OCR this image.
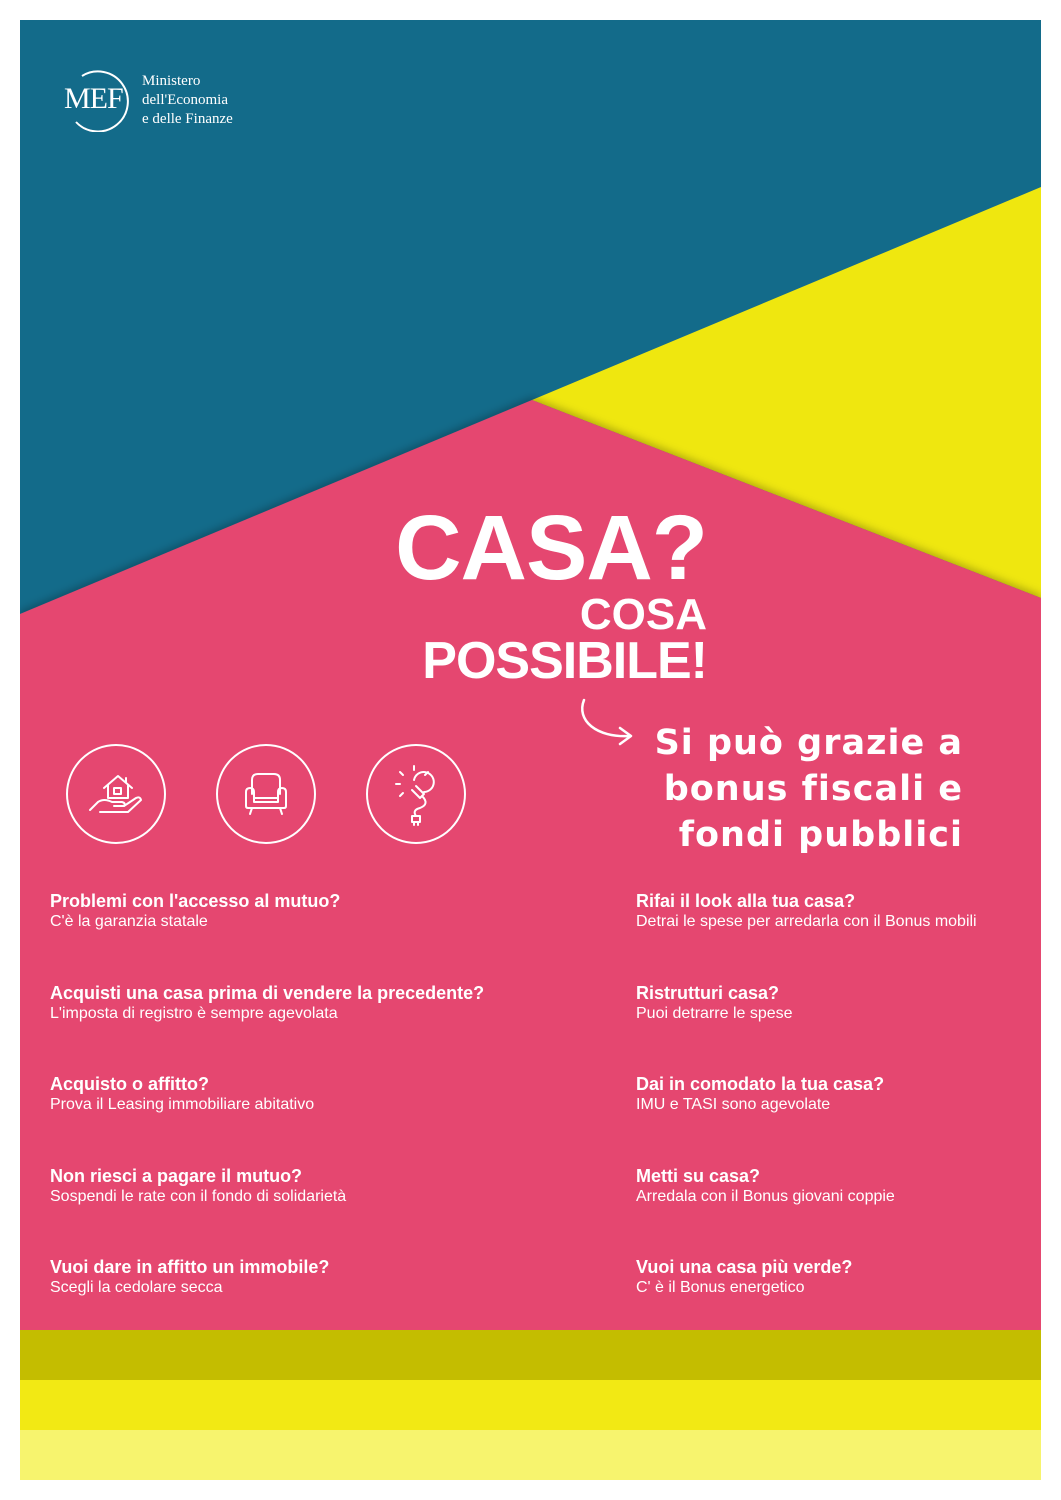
MEF
Ministero
dell'Economia
e delle Finanze
CASA?
COSA
POSSIBILE!
Si può grazie a
bonus fiscali e
fondi pubblici
Problemi con l'accesso al mutuo?
C'è la garanzia statale
Acquisti una casa prima di vendere la precedente?
L'imposta di registro è sempre agevolata
Acquisto o affitto?
Prova il Leasing immobiliare abitativo
Non riesci a pagare il mutuo?
Sospendi le rate con il fondo di solidarietà
Vuoi dare in affitto un immobile?
Scegli la cedolare secca
Rifai il look alla tua casa?
Detrai le spese per arredarla con il Bonus mobili
Ristrutturi casa?
Puoi detrarre le spese
Dai in comodato la tua casa?
IMU e TASI sono agevolate
Metti su casa?
Arredala con il Bonus giovani coppie
Vuoi una casa più verde?
C' è il Bonus energetico
